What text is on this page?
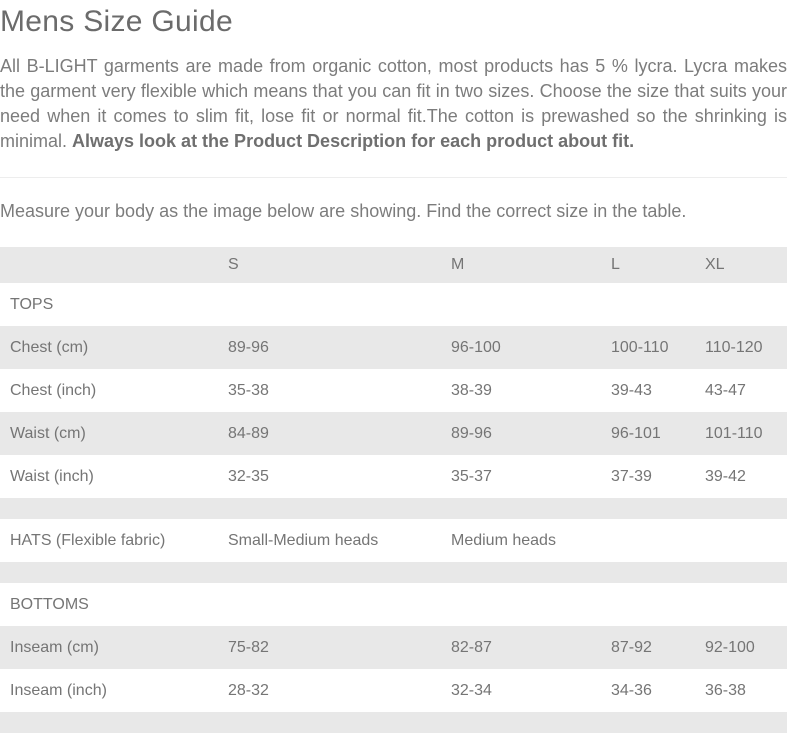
Mens Size Guide

All B-LIGHT garments are made from organic cotton, most products has 5 % lycra. Lycra makes the garment very flexible which means that you can fit in two sizes. Choose the size that suits your need when it comes to slim fit, lose fit or normal fit.The cotton is prewashed so the shrinking is minimal. Always look at the Product Description for each product about fit.

Measure your body as the image below are showing. Find the correct size in the table.

	S	M	L	XL
TOPS				
Chest (cm)	89-96	96-100	100-110	110-120
Chest (inch)	35-38	38-39	39-43	43-47
Waist (cm)	84-89	89-96	96-101	101-110
Waist (inch)	32-35	35-37	37-39	39-42

HATS (Flexible fabric)	Small-Medium heads	Medium heads		

BOTTOMS				
Inseam (cm)	75-82	82-87	87-92	92-100
Inseam (inch)	28-32	32-34	34-36	36-38
